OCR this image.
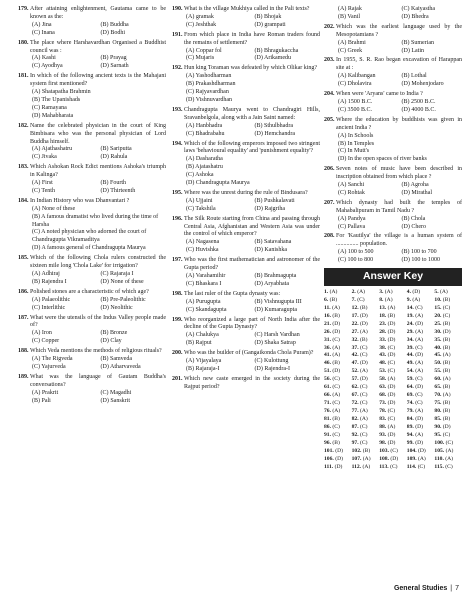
179. After attaining enlightenment, Gautama came to be known as the:
(A) Jina	(B) Buddha
(C) Inana	(D) Bodhi
180. The place where Harshavardhan Organised a Buddhist council was :
(A) Kashi	(B) Prayag
(C) Ayodhya	(D) Sarnath
181. In which of the following ancient texts is the Mahajani system first mentioned?
(A) Shatapatha Brahmin
(B) The Upanishads
(C) Ramayana
(D) Mahabharata
182. Name the celebrated physician in the court of King Bimbisara who was the personal physician of Lord Buddha himself.
(A) Ajathashatru	(B) Sariputta
(C) Jivaka	(D) Rahula
183. Which Ashokan Rock Edict mentions Ashoka's triumph in Kalinga?
(A) First	(B) Fourth
(C) Tenth	(D) Thirteenth
184. In Indian History who was Dhanvantari ?
(A) None of these
(B) A famous dramatist who lived during the time of Harsha
(C) A noted physician who adorned the court of Chandragupta Vikramaditya
(D) A famous general of Chandragupta Maurya
185. Which of the following Chola rulers constructed the sixteen mile long 'Chola Lake' for irrigation?
(A) Adhiraj	(C) Rajaraja I
(B) Rajendra I	(D) None of these
186. Polished stones are a characteristic of which age?
(A) Palaeolithic	(B) Pre-Paleolithic
(C) Interlithic	(D) Neolithic
187. What were the utensils of the Indus Valley people made of?
(A) Iron	(B) Bronze
(C) Copper	(D) Clay
188. Which Veda mentions the methods of religious rituals?
(A) The Rigveda	(B) Samveda
(C) Yajurveda	(D) Atharvaveda
189. What was the language of Gautam Buddha's conversations?
(A) Prakrit	(C) Magadhi
(B) Pali	(D) Sanskrit
190. What is the village Mukhiya called in the Pali texts?
(A) gramak	(B) Bhojak
(C) Jeshthak	(D) grampati
191. From which place in India have Roman traders found the remains of settlement?
(A) Coppar fol	(B) Bhragukaccha
(C) Mujaris	(D) Arikamedu
192. Hun king Toraman was defeated by which Olikar king?
(A) Yashodharman
(B) Prakashdharman
(C) Rajyavardhan
(D) Vishnuvardhan
193. Chandragupta Maurya went to Chandragiri Hills, Sravanbelgola, along with a Jain Saint named:
(A) Hanbhadra	(B) Sthulbhadra
(C) Bhadrabahu	(D) Hemchandra
194. Which of the following emperors imposed two stringent laws 'behavioural equality' and 'punishment equality'?
(A) Dasharatha
(B) Ajatashatru
(C) Ashoka
(D) Chandragupta Maurya
195. Where was the unrest during the rule of Bindusara?
(A) Ujjaini	(B) Pushkalavati
(C) Takshila	(D) Rajgriha
196. The Silk Route starting from China and passing through Central Asia, Afghanistan and Western Asia was under the control of which emperor?
(A) Nagasena	(B) Satavahana
(C) Huvishka	(D) Kanishka
197. Who was the first mathematician and astronomer of the Gupta period?
(A) Varahamihir	(B) Brahmagupta
(C) Bhaskara I	(D) Aryabhata
198. The last ruler of the Gupta dynasty was:
(A) Purugupta	(B) Vishnugupta III
(C) Skandagupta	(D) Kumaragupta
199. Who reorganized a large part of North India after the decline of the Gupta Dynasty?
(A) Chalukya	(C) Harsh Vardhan
(B) Rajput	(D) Shaka Satrap
200. Who was the builder of (Gangaikonda Chola Puram)?
(A) Vijayalaya	(C) Kulottung
(B) Rajaraja-I	(D) Rajendra-I
201. Which new caste emerged in the society during the Rajput period?
(A) Rajak	(C) Kaiyastha
(B) Vanil	(D) Bhedra
202. Which was the earliest language used by the Mesopotamians ?
(A) Brahmi	(B) Sumerian
(C) Greek	(D) Latin
203. In 1955, S. R. Rao began excavation of Harappan site at :
(A) Kalibangan	(B) Lothal
(C) Dholavira	(D) Mohenjodaro
204. When were 'Aryans' came to India ?
(A) 1500 B.C.	(B) 2500 B.C.
(C) 3500 B.C.	(D) 4000 B.C.
205. Where the education by buddhists was given in ancient India ?
(A) In Schools
(B) In Temples
(C) In Mutt's
(D) In the open spaces of river banks
206. Seven notes of music have been described in inscription obtained from which place ?
(A) Sanchi	(B) Agroha
(C) Rohtak	(D) Mirathal
207. Which dynasty had built the temples of Mahabalipuram in Tamil Nadu ?
(A) Pandya	(B) Chola
(C) Pallava	(D) Chero
208. For 'Kautilya' the village is a human system of ............... population.
(A) 100 to 500	(B) 100 to 700
(C) 100 to 800	(D) 100 to 1000
Answer Key
1. (A)	2. (A)	3. (A)	4. (D)	5. (A)
6. (B)	7. (C)	8. (A)	9. (A)	10. (B)
11. (A)	12. (B)	13. (A)	14. (C)	15. (C)
16. (B)	17. (D)	18. (B)	19. (A)	20. (C)
21. (D)	22. (D)	23. (D)	24. (D)	25. (B)
26. (D)	27. (A)	28. (D)	29. (A)	30. (D)
31. (C)	32. (B)	33. (D)	34. (A)	35. (B)
36. (A)	37. (C)	38. (C)	39. (C)	40. (B)
41. (A)	42. (C)	43. (D)	44. (D)	45. (A)
46. (B)	47. (D)	48. (C)	49. (A)	50. (B)
51. (D)	52. (A)	53. (C)	54. (A)	55. (B)
56. (C)	57. (D)	58. (A)	59. (C)	60. (A)
61. (C)	62. (C)	63. (D)	64. (D)	65. (B)
66. (A)	67. (C)	68. (D)	69. (C)	70. (A)
71. (C)	72. (C)	73. (D)	74. (C)	75. (B)
76. (A)	77. (A)	78. (C)	79. (A)	80. (B)
81. (B)	82. (A)	83. (C)	84. (D)	85. (B)
86. (C)	87. (C)	88. (A)	89. (D)	90. (D)
91. (C)	92. (C)	93. (D)	94. (A)	95. (C)
96. (B)	97. (C)	98. (D)	99. (D)	100. (C)
101. (D)	102. (B)	103. (C)	104. (D)	105. (A)
106. (D)	107. (A)	108. (D)	109. (A)	110. (A)
111. (D)	112. (A)	113. (C)	114. (C)	115. (C)
General Studies | 7
